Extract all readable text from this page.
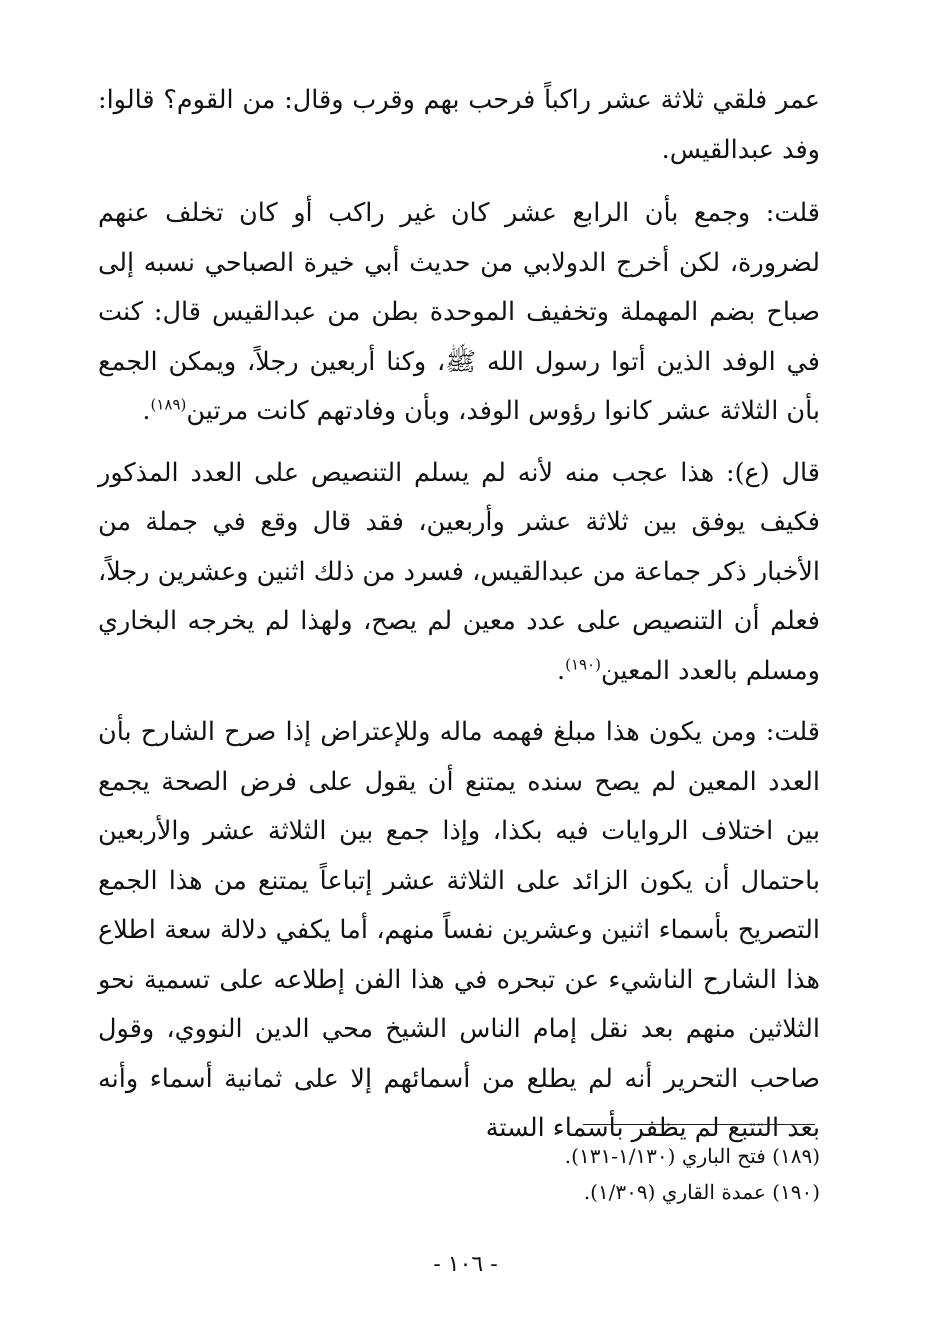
عمر فلقي ثلاثة عشر راكباً فرحب بهم وقرب وقال: من القوم؟ قالوا: وفد عبدالقيس.

قلت: وجمع بأن الرابع عشر كان غير راكب أو كان تخلف عنهم لضرورة، لكن أخرج الدولابي من حديث أبي خيرة الصباحي نسبه إلى صباح بضم المهملة وتخفيف الموحدة بطن من عبدالقيس قال: كنت في الوفد الذين أتوا رسول الله ﷺ، وكنا أربعين رجلاً، ويمكن الجمع بأن الثلاثة عشر كانوا رؤوس الوفد، وبأن وفادتهم كانت مرتين$^{(١٨٩)}$.

قال (ع): هذا عجب منه لأنه لم يسلم التنصيص على العدد المذكور فكيف يوفق بين ثلاثة عشر وأربعين، فقد قال وقع في جملة من الأخبار ذكر جماعة من عبدالقيس، فسرد من ذلك اثنين وعشرين رجلاً، فعلم أن التنصيص على عدد معين لم يصح، ولهذا لم يخرجه البخاري ومسلم بالعدد المعين$^{(١٩٠)}$.

قلت: ومن يكون هذا مبلغ فهمه ماله وللإعتراض إذا صرح الشارح بأن العدد المعين لم يصح سنده يمتنع أن يقول على فرض الصحة يجمع بين اختلاف الروايات فيه بكذا، وإذا جمع بين الثلاثة عشر والأربعين باحتمال أن يكون الزائد على الثلاثة عشر إتباعاً يمتنع من هذا الجمع التصريح بأسماء اثنين وعشرين نفساً منهم، أما يكفي دلالة سعة اطلاع هذا الشارح الناشيء عن تبحره في هذا الفن إطلاعه على تسمية نحو الثلاثين منهم بعد نقل إمام الناس الشيخ محي الدين النووي، وقول صاحب التحرير أنه لم يطلع من أسمائهم إلا على ثمانية أسماء وأنه بعد التتبع لم يظفر بأسماء الستة

(١٨٩) فتح الباري (١/١٣٠-١٣١).

(١٩٠) عمدة القاري (١/٣٠٩).

- ١٠٦ -
